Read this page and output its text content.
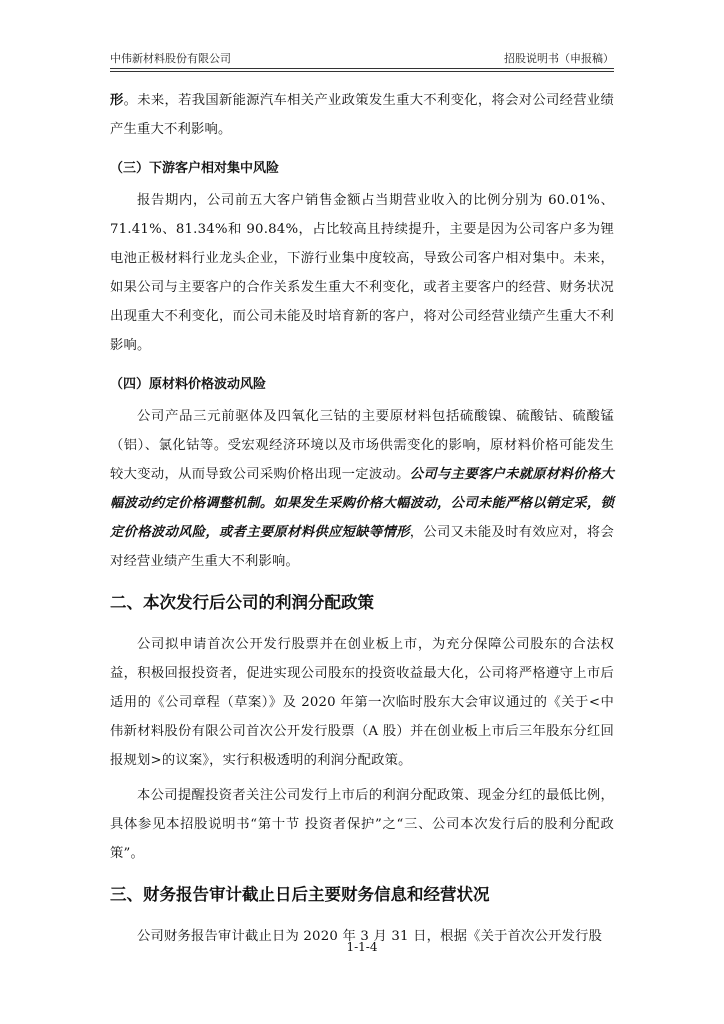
中伟新材料股份有限公司	招股说明书（申报稿）

形。未来，若我国新能源汽车相关产业政策发生重大不利变化，将会对公司经营业绩产生重大不利影响。

（三）下游客户相对集中风险

报告期内，公司前五大客户销售金额占当期营业收入的比例分别为 60.01%、71.41%、81.34%和 90.84%，占比较高且持续提升，主要是因为公司客户多为锂电池正极材料行业龙头企业，下游行业集中度较高，导致公司客户相对集中。未来，如果公司与主要客户的合作关系发生重大不利变化，或者主要客户的经营、财务状况出现重大不利变化，而公司未能及时培育新的客户，将对公司经营业绩产生重大不利影响。

（四）原材料价格波动风险

公司产品三元前驱体及四氧化三钴的主要原材料包括硫酸镍、硫酸钴、硫酸锰（铝）、氯化钴等。受宏观经济环境以及市场供需变化的影响，原材料价格可能发生较大变动，从而导致公司采购价格出现一定波动。公司与主要客户未就原材料价格大幅波动约定价格调整机制。如果发生采购价格大幅波动，公司未能严格以销定采，锁定价格波动风险，或者主要原材料供应短缺等情形，公司又未能及时有效应对，将会对经营业绩产生重大不利影响。

二、本次发行后公司的利润分配政策

公司拟申请首次公开发行股票并在创业板上市，为充分保障公司股东的合法权益，积极回报投资者，促进实现公司股东的投资收益最大化，公司将严格遵守上市后适用的《公司章程（草案）》及 2020 年第一次临时股东大会审议通过的《关于<中伟新材料股份有限公司首次公开发行股票（A 股）并在创业板上市后三年股东分红回报规划>的议案》，实行积极透明的利润分配政策。

本公司提醒投资者关注公司发行上市后的利润分配政策、现金分红的最低比例，具体参见本招股说明书“第十节 投资者保护”之“三、公司本次发行后的股利分配政策”。

三、财务报告审计截止日后主要财务信息和经营状况

公司财务报告审计截止日为 2020 年 3 月 31 日，根据《关于首次公开发行股

1-1-4
